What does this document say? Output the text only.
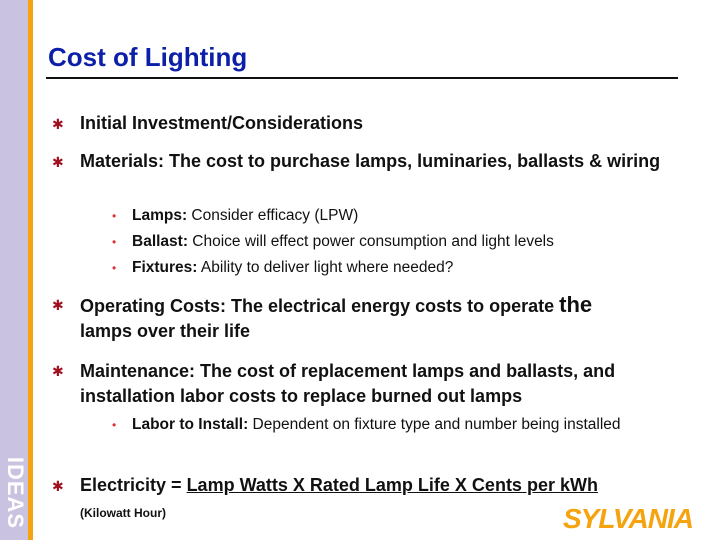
IDEAS
Cost of Lighting
✱ Initial Investment/Considerations
✱ Materials: The cost to purchase lamps, luminaries, ballasts & wiring
• Lamps: Consider efficacy (LPW)
• Ballast: Choice will effect power consumption and light levels
• Fixtures: Ability to deliver light where needed?
✱ Operating Costs: The electrical energy costs to operate the
lamps over their life
✱ Maintenance: The cost of replacement lamps and ballasts, and installation labor costs to replace burned out lamps
• Labor to Install: Dependent on fixture type and number being installed
✱ Electricity = Lamp Watts X Rated Lamp Life X Cents per kWh
(Kilowatt Hour)	SYLVANIA
